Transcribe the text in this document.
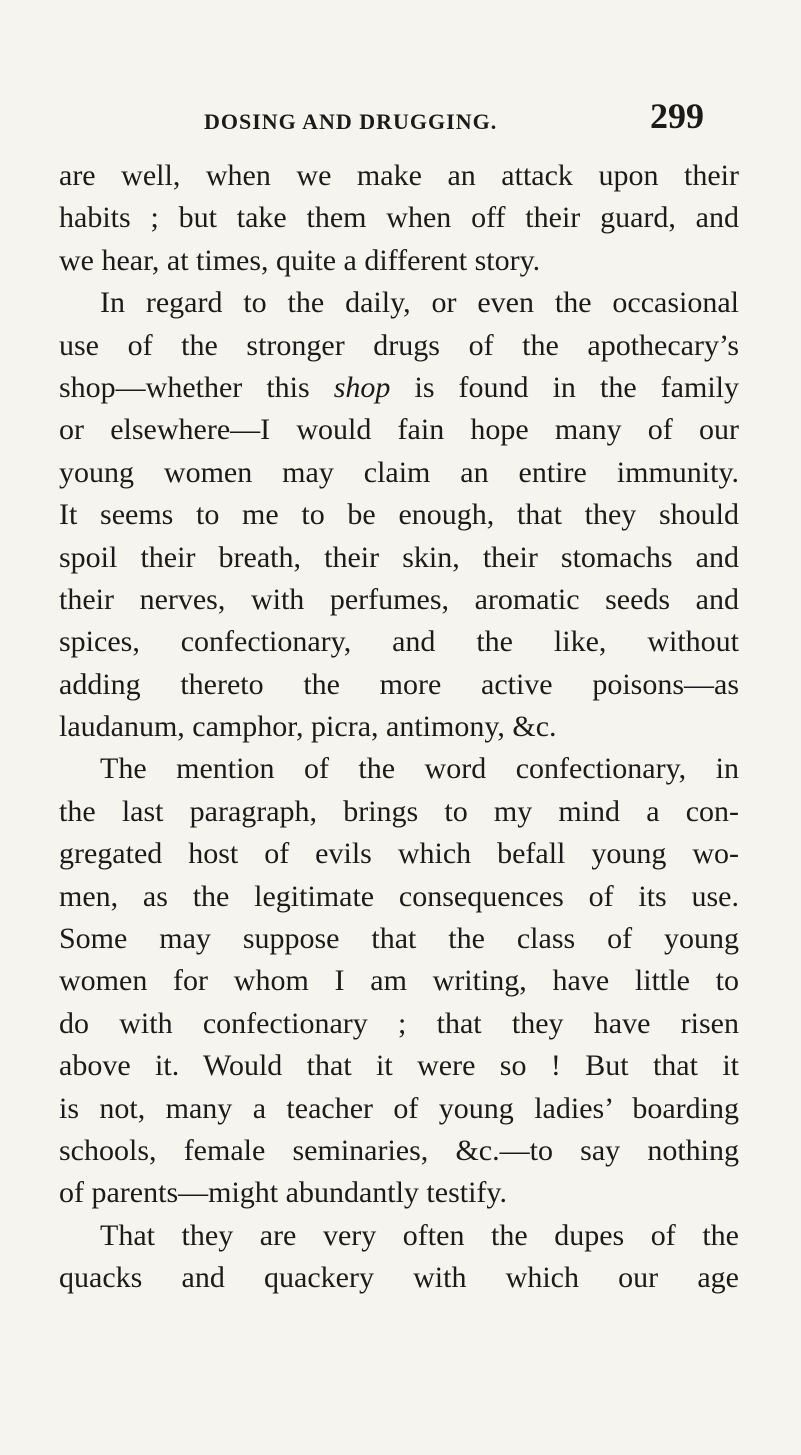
DOSING AND DRUGGING.	299
are well, when we make an attack upon their
habits ; but take them when off their guard, and
we hear, at times, quite a different story.
In regard to the daily, or even the occasional
use of the stronger drugs of the apothecary’s
shop—whether this shop is found in the family
or elsewhere—I would fain hope many of our
young women may claim an entire immunity.
It seems to me to be enough, that they should
spoil their breath, their skin, their stomachs and
their nerves, with perfumes, aromatic seeds and
spices, confectionary, and the like, without
adding thereto the more active poisons—as
laudanum, camphor, picra, antimony, &c.
The mention of the word confectionary, in
the last paragraph, brings to my mind a con-
gregated host of evils which befall young wo-
men, as the legitimate consequences of its use.
Some may suppose that the class of young
women for whom I am writing, have little to
do with confectionary ; that they have risen
above it. Would that it were so ! But that it
is not, many a teacher of young ladies’ boarding
schools, female seminaries, &c.—to say nothing
of parents—might abundantly testify.
That they are very often the dupes of the
quacks and quackery with which our age
